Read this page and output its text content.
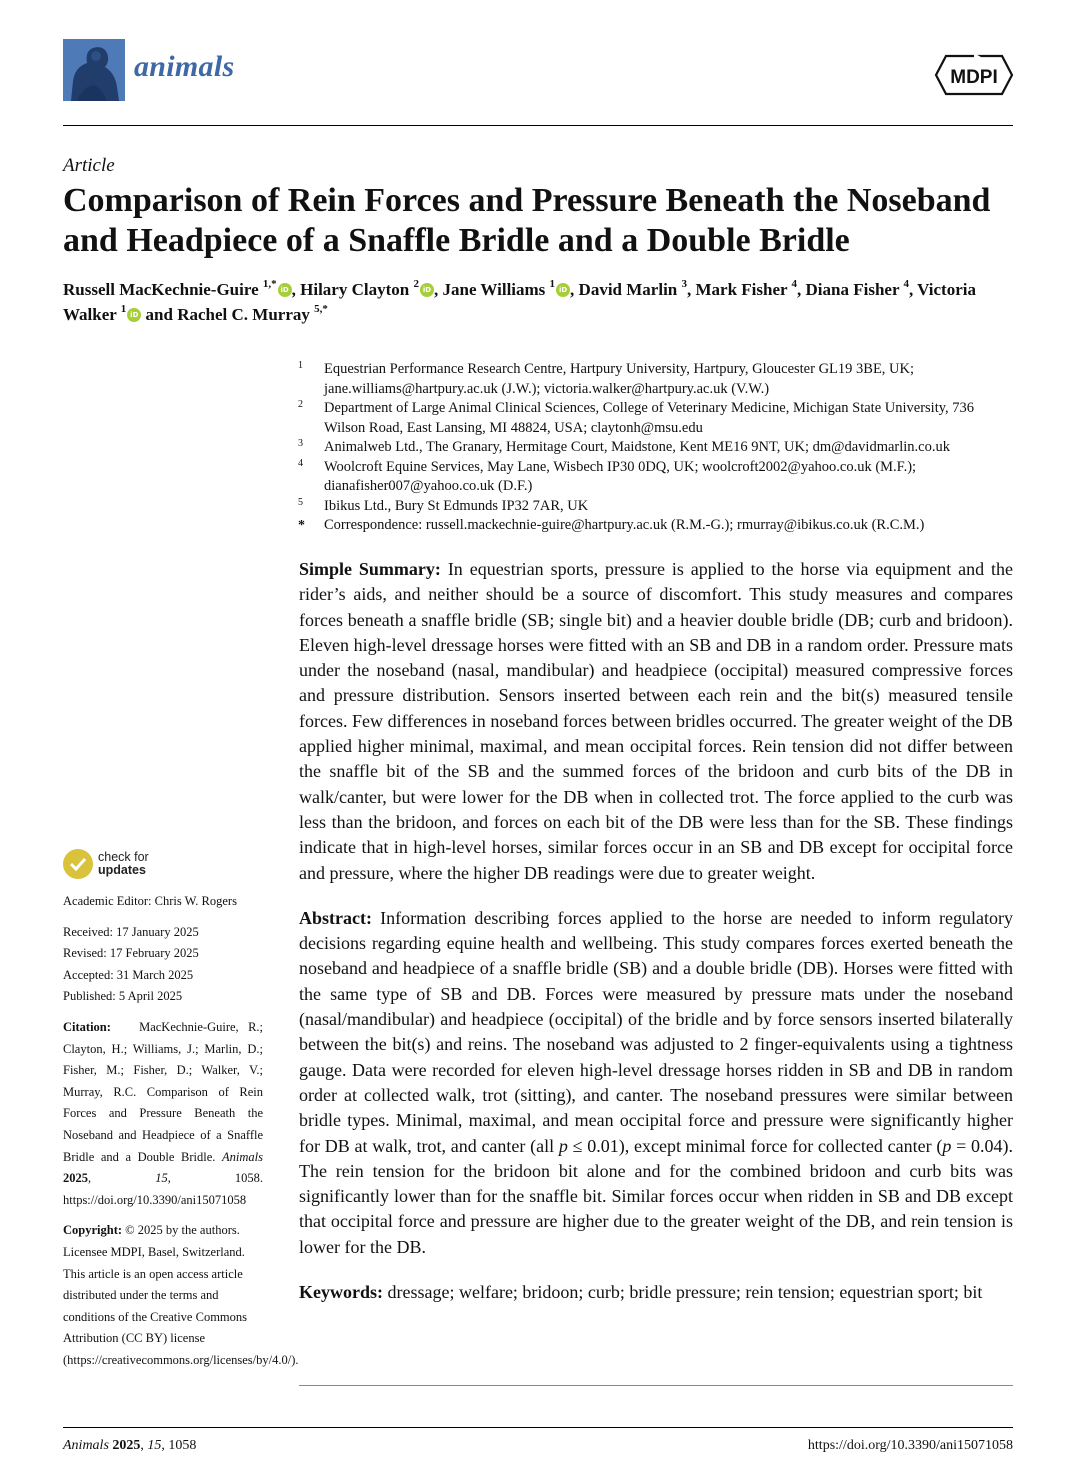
animals	MDPI
Article
Comparison of Rein Forces and Pressure Beneath the Noseband and Headpiece of a Snaffle Bridle and a Double Bridle
Russell MacKechnie-Guire $^{1,*}$ iD , Hilary Clayton $^2$ iD , Jane Williams $^1$ iD , David Marlin $^3$, Mark Fisher $^4$, Diana Fisher $^4$, Victoria Walker $^1$ iD and Rachel C. Murray $^{5,*}$
1 Equestrian Performance Research Centre, Hartpury University, Hartpury, Gloucester GL19 3BE, UK; jane.williams@hartpury.ac.uk (J.W.); victoria.walker@hartpury.ac.uk (V.W.)
2 Department of Large Animal Clinical Sciences, College of Veterinary Medicine, Michigan State University, 736 Wilson Road, East Lansing, MI 48824, USA; claytonh@msu.edu
3 Animalweb Ltd., The Granary, Hermitage Court, Maidstone, Kent ME16 9NT, UK; dm@davidmarlin.co.uk
4 Woolcroft Equine Services, May Lane, Wisbech IP30 0DQ, UK; woolcroft2002@yahoo.co.uk (M.F.); dianafisher007@yahoo.co.uk (D.F.)
5 Ibikus Ltd., Bury St Edmunds IP32 7AR, UK
* Correspondence: russell.mackechnie-guire@hartpury.ac.uk (R.M.-G.); rmurray@ibikus.co.uk (R.C.M.)
check for
updates

Academic Editor: Chris W. Rogers

Received: 17 January 2025

Revised: 17 February 2025

Accepted: 31 March 2025

Published: 5 April 2025

Citation: MacKechnie-Guire, R.; Clayton, H.; Williams, J.; Marlin, D.; Fisher, M.; Fisher, D.; Walker, V.; Murray, R.C. Comparison of Rein Forces and Pressure Beneath the Noseband and Headpiece of a Snaffle Bridle and a Double Bridle. Animals 2025, 15, 1058. https://doi.org/10.3390/ani15071058

Copyright: © 2025 by the authors. Licensee MDPI, Basel, Switzerland. This article is an open access article distributed under the terms and conditions of the Creative Commons Attribution (CC BY) license (https://creativecommons.org/licenses/by/4.0/).

Simple Summary: In equestrian sports, pressure is applied to the horse via equipment and the rider’s aids, and neither should be a source of discomfort. This study measures and compares forces beneath a snaffle bridle (SB; single bit) and a heavier double bridle (DB; curb and bridoon). Eleven high-level dressage horses were fitted with an SB and DB in a random order. Pressure mats under the noseband (nasal, mandibular) and headpiece (occipital) measured compressive forces and pressure distribution. Sensors inserted between each rein and the bit(s) measured tensile forces. Few differences in noseband forces between bridles occurred. The greater weight of the DB applied higher minimal, maximal, and mean occipital forces. Rein tension did not differ between the snaffle bit of the SB and the summed forces of the bridoon and curb bits of the DB in walk/canter, but were lower for the DB when in collected trot. The force applied to the curb was less than the bridoon, and forces on each bit of the DB were less than for the SB. These findings indicate that in high-level horses, similar forces occur in an SB and DB except for occipital force and pressure, where the higher DB readings were due to greater weight.

Abstract: Information describing forces applied to the horse are needed to inform regulatory decisions regarding equine health and wellbeing. This study compares forces exerted beneath the noseband and headpiece of a snaffle bridle (SB) and a double bridle (DB). Horses were fitted with the same type of SB and DB. Forces were measured by pressure mats under the noseband (nasal/mandibular) and headpiece (occipital) of the bridle and by force sensors inserted bilaterally between the bit(s) and reins. The noseband was adjusted to 2 finger-equivalents using a tightness gauge. Data were recorded for eleven high-level dressage horses ridden in SB and DB in random order at collected walk, trot (sitting), and canter. The noseband pressures were similar between bridle types. Minimal, maximal, and mean occipital force and pressure were significantly higher for DB at walk, trot, and canter (all p ≤ 0.01), except minimal force for collected canter (p = 0.04). The rein tension for the bridoon bit alone and for the combined bridoon and curb bits was significantly lower than for the snaffle bit. Similar forces occur when ridden in SB and DB except that occipital force and pressure are higher due to the greater weight of the DB, and rein tension is lower for the DB.

Keywords: dressage; welfare; bridoon; curb; bridle pressure; rein tension; equestrian sport; bit

Animals 2025, 15, 1058	https://doi.org/10.3390/ani15071058
